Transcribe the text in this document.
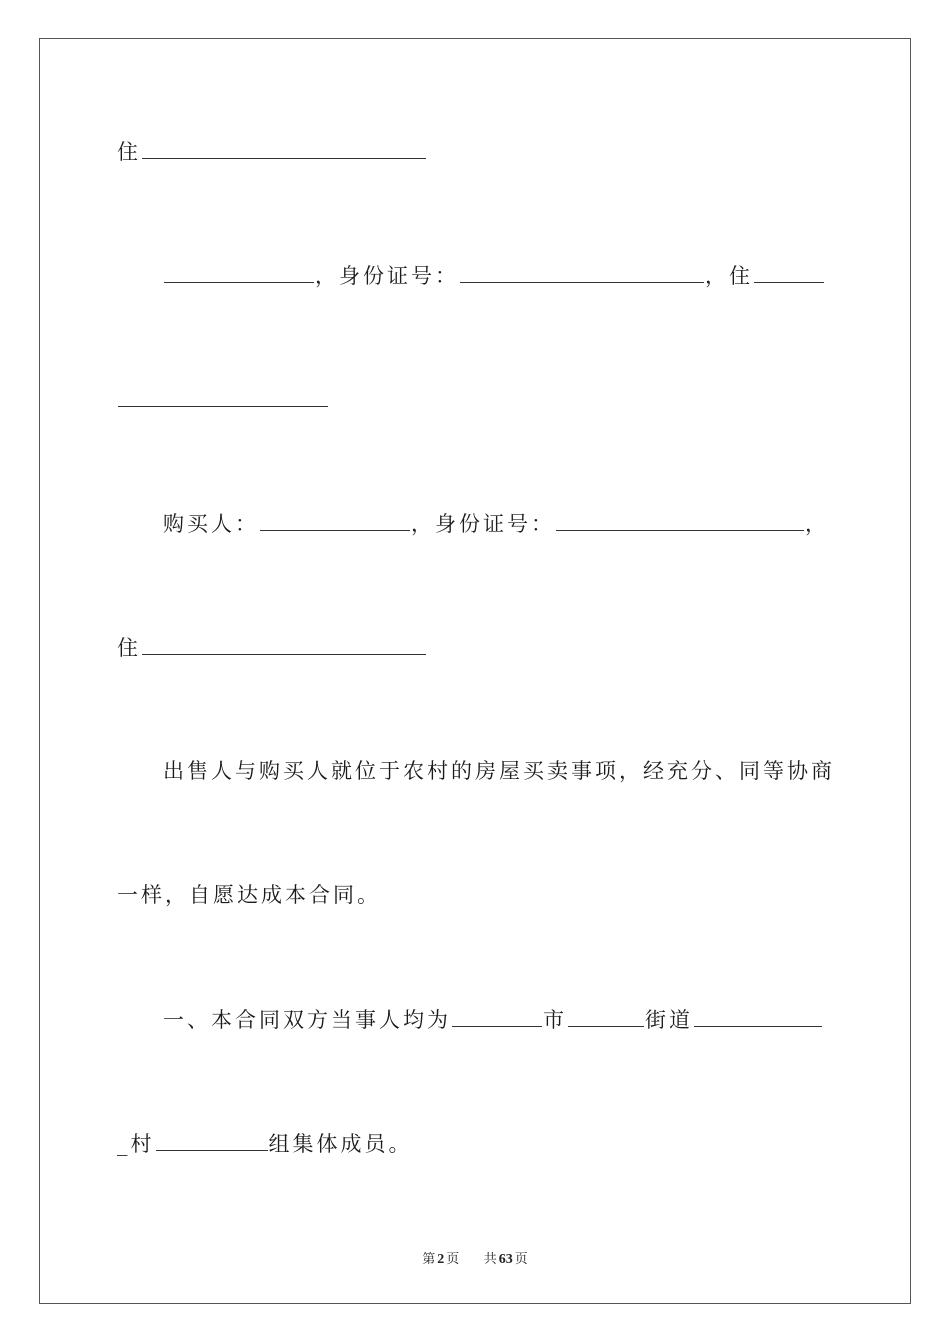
住
，身份证号：	，住
购买人：	，身份证号：	，
住
出售人与购买人就位于农村的房屋买卖事项，经充分、同等协商
一样，自愿达成本合同。
一、本合同双方当事人均为	市	街道
_村	组集体成员。
第 2 页 共 63 页
